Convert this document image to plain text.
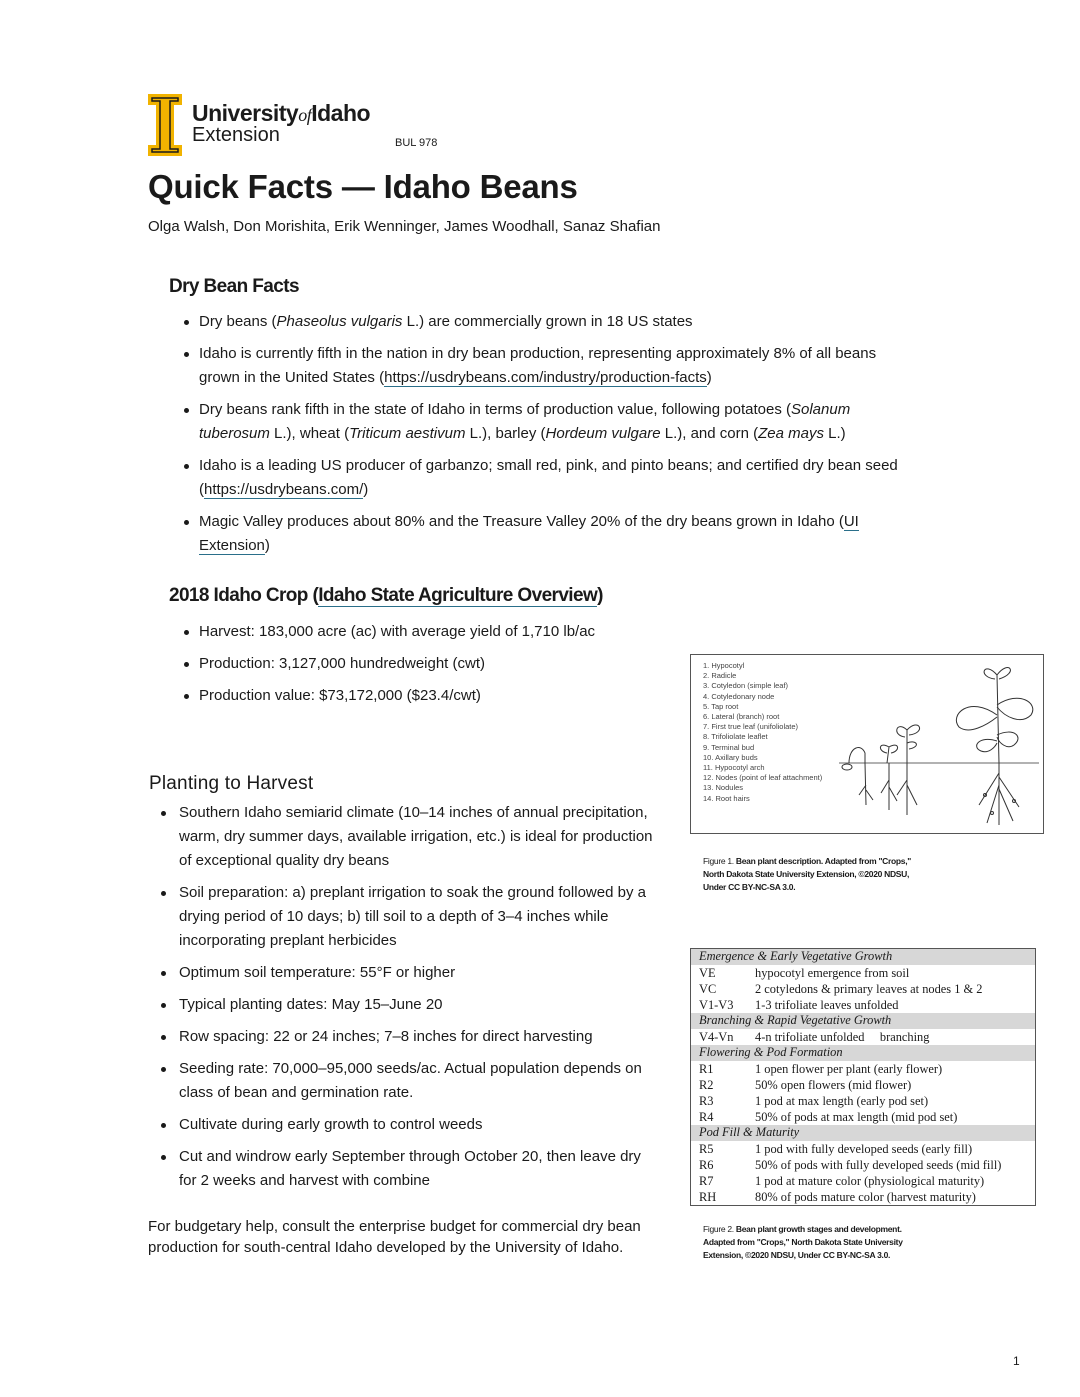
UniversityofIdaho
Extension	BUL 978
Quick Facts — Idaho Beans
Olga Walsh, Don Morishita, Erik Wenninger, James Woodhall, Sanaz Shafian
Dry Bean Facts
Dry beans (Phaseolus vulgaris L.) are commercially grown in 18 US states
Idaho is currently fifth in the nation in dry bean production, representing approximately 8% of all beans grown in the United States (https://usdrybeans.com/industry/production-facts)
Dry beans rank fifth in the state of Idaho in terms of production value, following potatoes (Solanum tuberosum L.), wheat (Triticum aestivum L.), barley (Hordeum vulgare L.), and corn (Zea mays L.)
Idaho is a leading US producer of garbanzo; small red, pink, and pinto beans; and certified dry bean seed (https://usdrybeans.com/)
Magic Valley produces about 80% and the Treasure Valley 20% of the dry beans grown in Idaho (UI Extension)
2018 Idaho Crop (Idaho State Agriculture Overview)
Harvest: 183,000 acre (ac) with average yield of 1,710 lb/ac
Production: 3,127,000 hundredweight (cwt)
Production value: $73,172,000 ($23.4/cwt)
Planting to Harvest
Southern Idaho semiarid climate (10–14 inches of annual precipitation, warm, dry summer days, available irrigation, etc.) is ideal for production of exceptional quality dry beans
Soil preparation: a) preplant irrigation to soak the ground followed by a drying period of 10 days; b) till soil to a depth of 3–4 inches while incorporating preplant herbicides
Optimum soil temperature: 55°F or higher
Typical planting dates: May 15–June 20
Row spacing: 22 or 24 inches; 7–8 inches for direct harvesting
Seeding rate: 70,000–95,000 seeds/ac. Actual population depends on class of bean and germination rate.
Cultivate during early growth to control weeds
Cut and windrow early September through October 20, then leave dry for 2 weeks and harvest with combine

For budgetary help, consult the enterprise budget for commercial dry bean production for south-central Idaho developed by the University of Idaho.

1. Hypocotyl
2. Radicle
3. Cotyledon (simple leaf)
4. Cotyledonary node
5. Tap root
6. Lateral (branch) root
7. First true leaf (unifoliolate)
8. Trifoliolate leaflet
9. Terminal bud
10. Axillary buds
11. Hypocotyl arch
12. Nodes (point of leaf attachment)
13. Nodules
14. Root hairs
Figure 1. Bean plant description. Adapted from "Crops," North Dakota State University Extension, ©2020 NDSU, Under CC BY-NC-SA 3.0.
Emergence & Early Vegetative Growth
VE	hypocotyl emergence from soil
VC	2 cotyledons & primary leaves at nodes 1 & 2
V1-V3 1-3 trifoliate leaves unfolded
Branching & Rapid Vegetative Growth
V4-Vn 4-n trifoliate unfolded     branching
Flowering & Pod Formation
R1	1 open flower per plant (early flower)
R2	50% open flowers (mid flower)
R3	1 pod at max length (early pod set)
R4	50% of pods at max length (mid pod set)
Pod Fill & Maturity
R5	1 pod with fully developed seeds (early fill)
R6	50% of pods with fully developed seeds (mid fill)
R7	1 pod at mature color (physiological maturity)
RH	80% of pods mature color (harvest maturity)
Figure 2. Bean plant growth stages and development. Adapted from "Crops," North Dakota State University Extension, ©2020 NDSU, Under CC BY-NC-SA 3.0.
1
